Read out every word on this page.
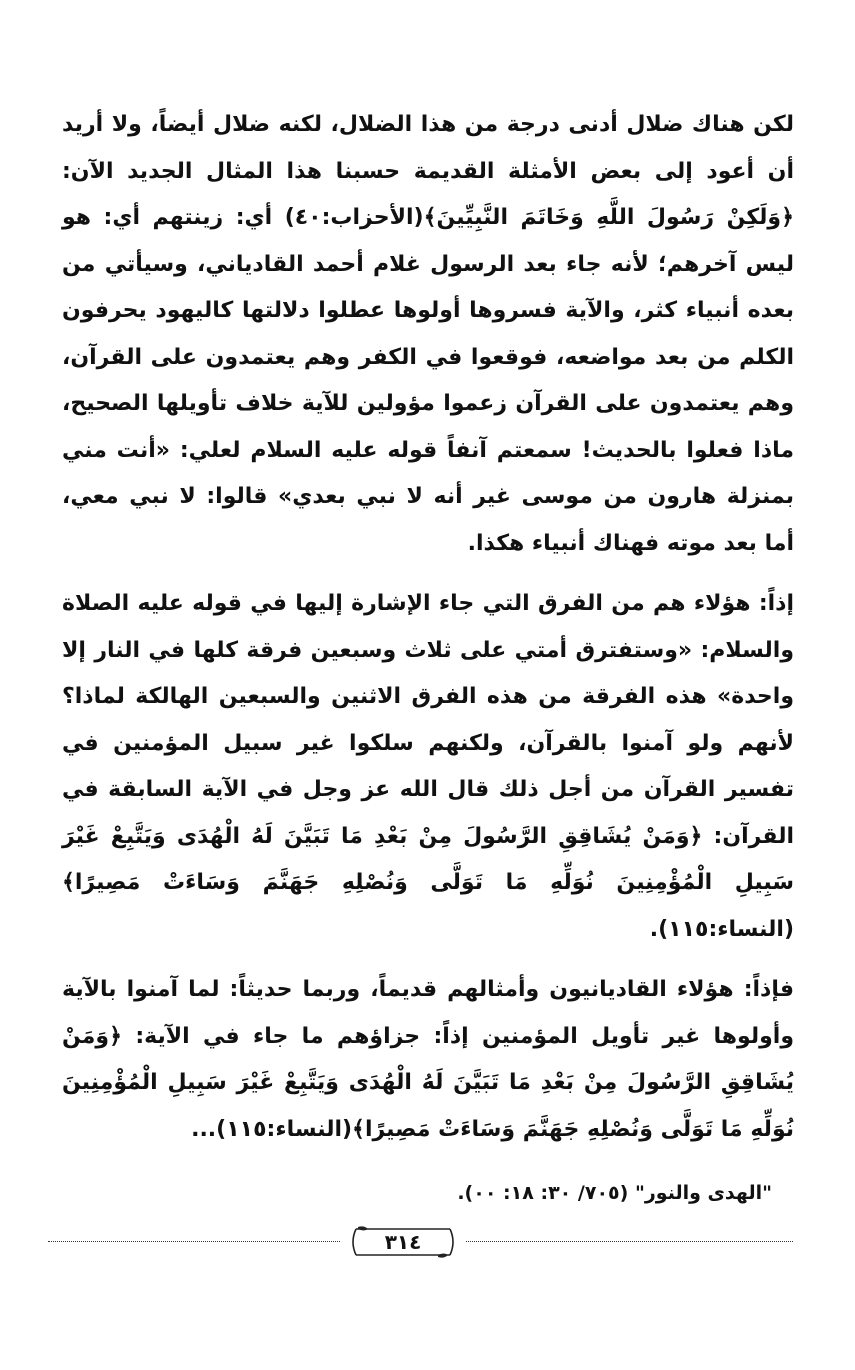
لكن هناك ضلال أدنى درجة من هذا الضلال، لكنه ضلال أيضاً، ولا أريد أن أعود إلى بعض الأمثلة القديمة حسبنا هذا المثال الجديد الآن: ﴿وَلَكِنْ رَسُولَ اللَّهِ وَخَاتَمَ النَّبِيِّينَ﴾(الأحزاب:٤٠) أي: زينتهم أي: هو ليس آخرهم؛ لأنه جاء بعد الرسول غلام أحمد القادياني، وسيأتي من بعده أنبياء كثر، والآية فسروها أولوها عطلوا دلالتها كاليهود يحرفون الكلم من بعد مواضعه، فوقعوا في الكفر وهم يعتمدون على القرآن، وهم يعتمدون على القرآن زعموا مؤولين للآية خلاف تأويلها الصحيح، ماذا فعلوا بالحديث! سمعتم آنفاً قوله عليه السلام لعلي: «أنت مني بمنزلة هارون من موسى غير أنه لا نبي بعدي» قالوا: لا نبي معي، أما بعد موته فهناك أنبياء هكذا.

إذاً: هؤلاء هم من الفرق التي جاء الإشارة إليها في قوله عليه الصلاة والسلام: «وستفترق أمتي على ثلاث وسبعين فرقة كلها في النار إلا واحدة» هذه الفرقة من هذه الفرق الاثنين والسبعين الهالكة لماذا؟ لأنهم ولو آمنوا بالقرآن، ولكنهم سلكوا غير سبيل المؤمنين في تفسير القرآن من أجل ذلك قال الله عز وجل في الآية السابقة في القرآن: ﴿وَمَنْ يُشَاقِقِ الرَّسُولَ مِنْ بَعْدِ مَا تَبَيَّنَ لَهُ الْهُدَى وَيَتَّبِعْ غَيْرَ سَبِيلِ الْمُؤْمِنِينَ نُوَلِّهِ مَا تَوَلَّى وَنُصْلِهِ جَهَنَّمَ وَسَاءَتْ مَصِيرًا﴾(النساء:١١٥).

فإذاً: هؤلاء القاديانيون وأمثالهم قديماً، وربما حديثاً: لما آمنوا بالآية وأولوها غير تأويل المؤمنين إذاً: جزاؤهم ما جاء في الآية: ﴿وَمَنْ يُشَاقِقِ الرَّسُولَ مِنْ بَعْدِ مَا تَبَيَّنَ لَهُ الْهُدَى وَيَتَّبِعْ غَيْرَ سَبِيلِ الْمُؤْمِنِينَ نُوَلِّهِ مَا تَوَلَّى وَنُصْلِهِ جَهَنَّمَ وَسَاءَتْ مَصِيرًا﴾(النساء:١١٥)...

"الهدى والنور" (٧٠٥/ ٣٠: ١٨: ٠٠).

٣١٤
